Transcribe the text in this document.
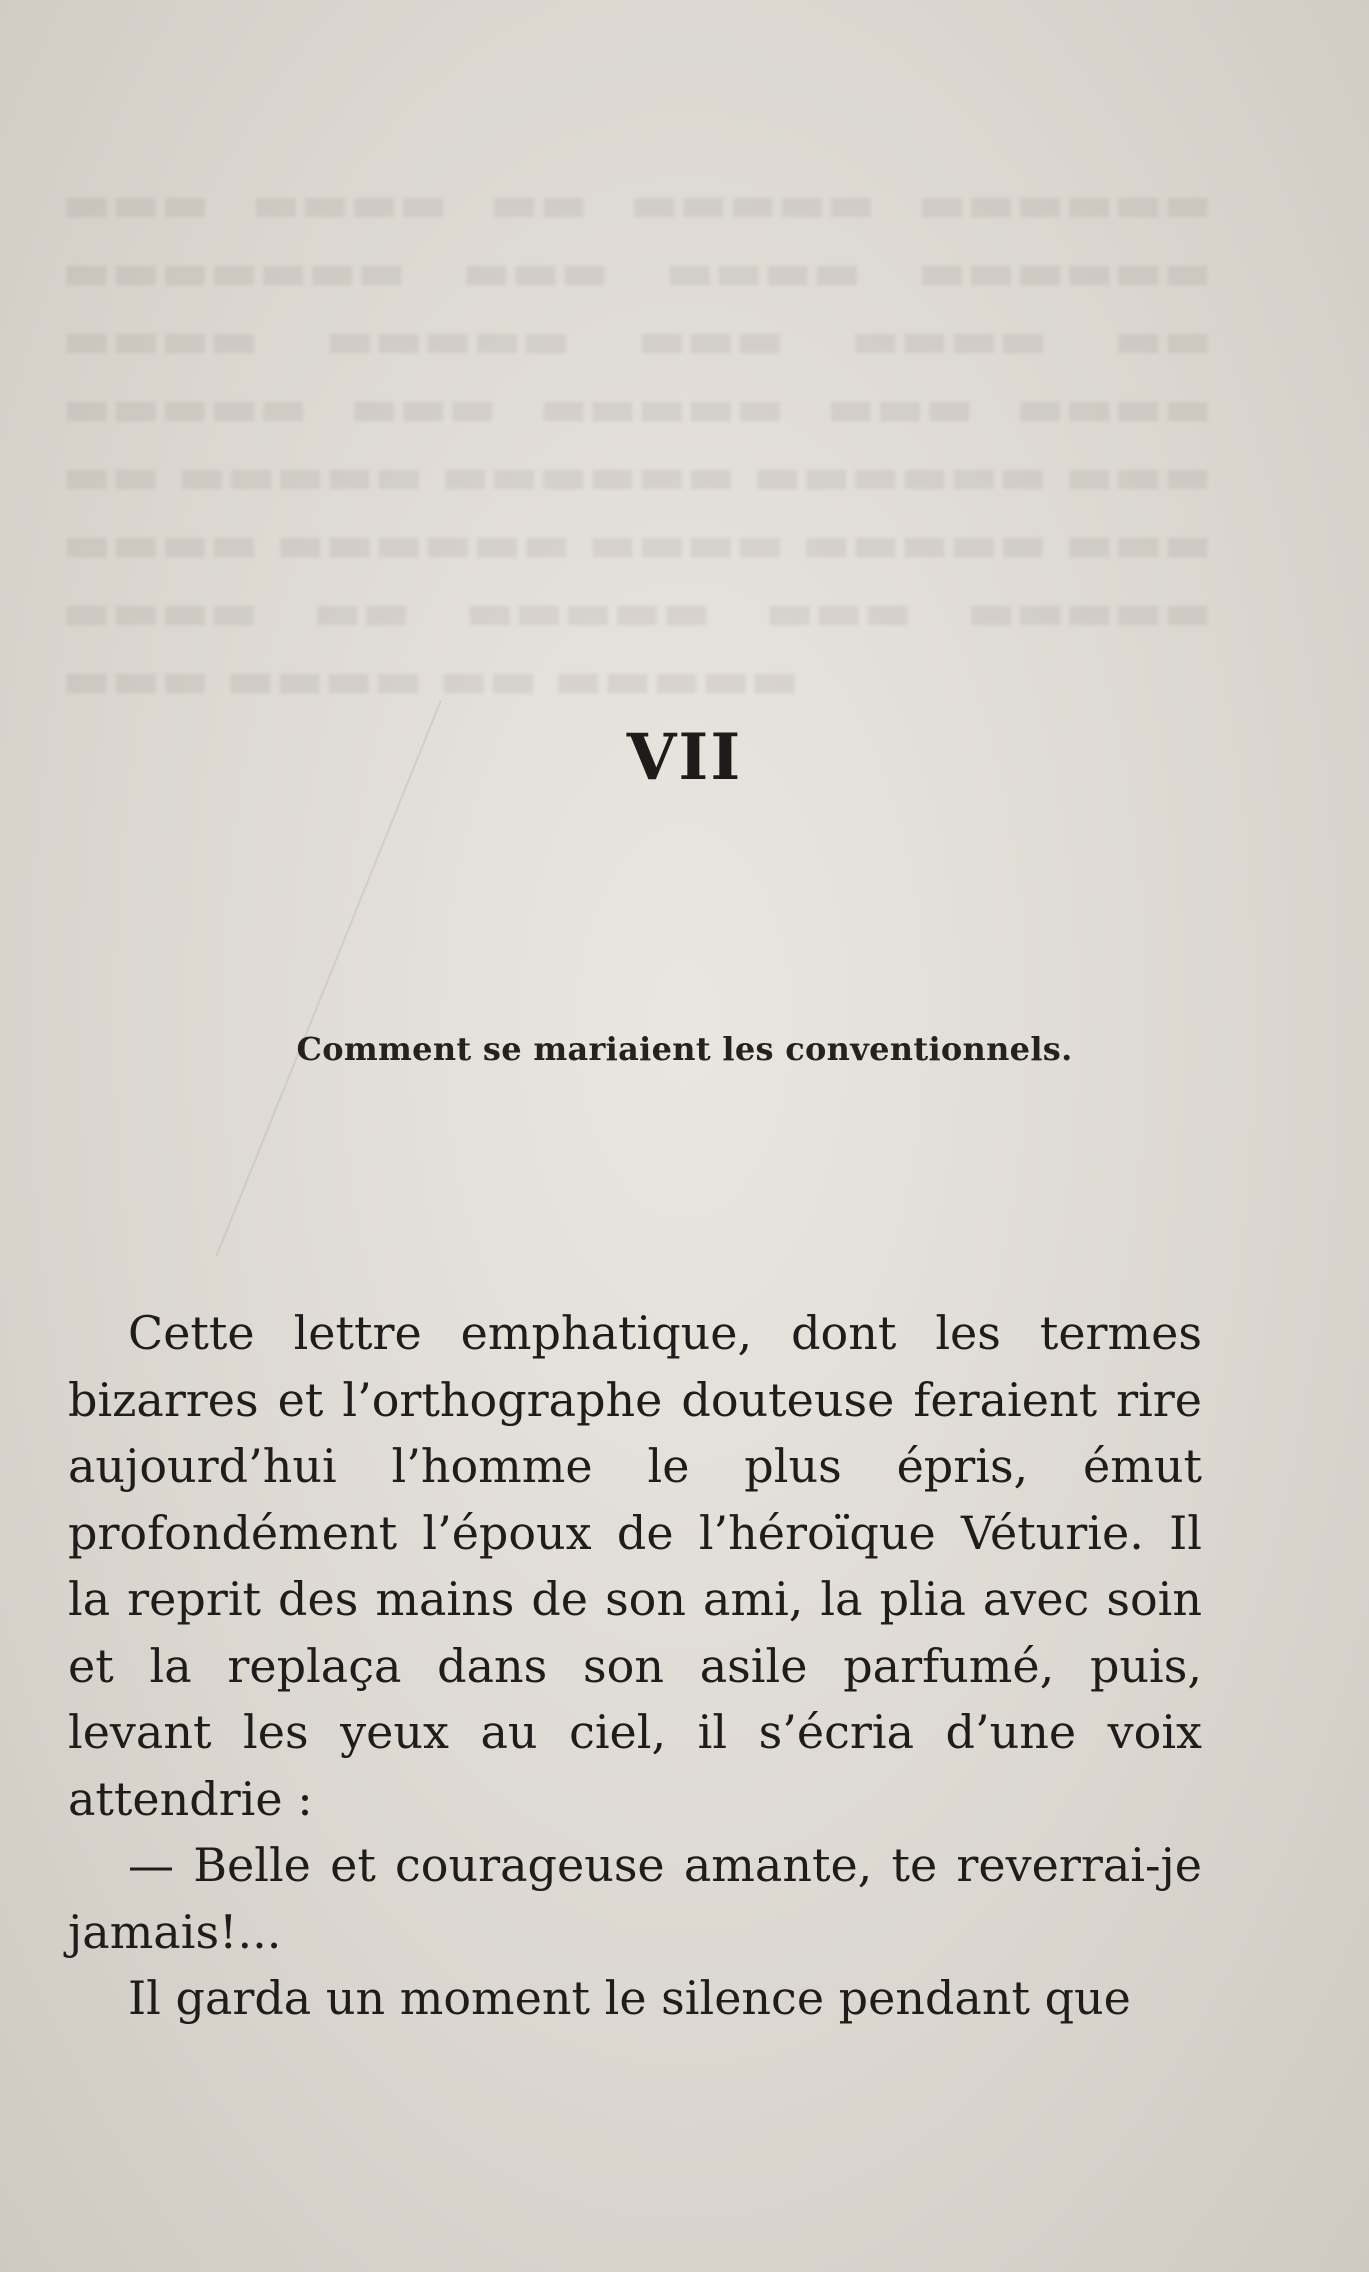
▬▬▬ ▬▬▬▬ ▬▬ ▬▬▬▬▬ ▬▬▬▬▬▬ ▬▬▬▬▬▬▬ ▬▬▬ ▬▬▬▬ ▬▬▬▬▬▬ ▬▬▬▬ ▬▬▬▬▬ ▬▬▬ ▬▬▬▬ ▬▬ ▬▬▬▬▬ ▬▬▬ ▬▬▬▬▬ ▬▬▬ ▬▬▬▬ ▬▬ ▬▬▬▬▬ ▬▬▬▬▬▬ ▬▬▬▬▬▬ ▬▬▬ ▬▬▬▬ ▬▬▬▬▬▬ ▬▬▬▬ ▬▬▬▬▬ ▬▬▬ ▬▬▬▬ ▬▬ ▬▬▬▬▬ ▬▬▬ ▬▬▬▬▬ ▬▬▬ ▬▬▬▬ ▬▬ ▬▬▬▬▬
VII
Comment se mariaient les conventionnels.

Cette lettre emphatique, dont les termes bizarres et l’orthographe douteuse feraient rire aujourd’hui l’homme le plus épris, émut profondément l’époux de l’héroïque Véturie. Il la reprit des mains de son ami, la plia avec soin et la replaça dans son asile parfumé, puis, levant les yeux au ciel, il s’écria d’une voix attendrie :

— Belle et courageuse amante, te reverrai-je jamais!...

Il garda un moment le silence pendant que
